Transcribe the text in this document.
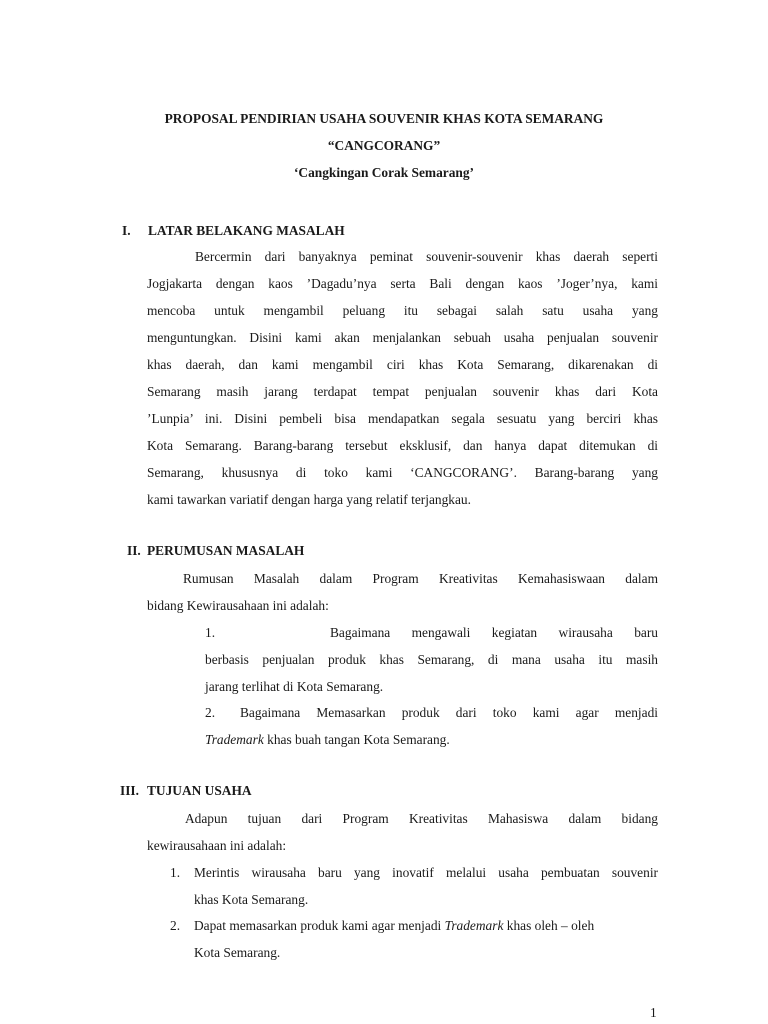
PROPOSAL PENDIRIAN USAHA SOUVENIR KHAS KOTA SEMARANG
“CANGCORANG”
‘Cangkingan Corak Semarang’
I. LATAR BELAKANG MASALAH
Bercermin dari banyaknya peminat souvenir-souvenir khas daerah seperti
Jogjakarta dengan kaos ’Dagadu’nya serta Bali dengan kaos ’Joger’nya, kami
mencoba untuk mengambil peluang itu sebagai salah satu usaha yang
menguntungkan. Disini kami akan menjalankan sebuah usaha penjualan souvenir
khas daerah, dan kami mengambil ciri khas Kota Semarang, dikarenakan di
Semarang masih jarang terdapat tempat penjualan souvenir khas dari Kota
’Lunpia’ ini. Disini pembeli bisa mendapatkan segala sesuatu yang berciri khas
Kota Semarang. Barang-barang tersebut eksklusif, dan hanya dapat ditemukan di
Semarang, khususnya di toko kami ‘CANGCORANG’. Barang-barang yang
kami tawarkan variatif dengan harga yang relatif terjangkau.
II. PERUMUSAN MASALAH
Rumusan Masalah dalam Program Kreativitas Kemahasiswaan dalam
bidang Kewirausahaan ini adalah:
1.	Bagaimana mengawali kegiatan wirausaha baru
berbasis penjualan produk khas Semarang, di mana usaha itu masih
jarang terlihat di Kota Semarang.
2. Bagaimana Memasarkan produk dari toko kami agar menjadi
Trademark khas buah tangan Kota Semarang.
III. TUJUAN USAHA
Adapun tujuan dari Program Kreativitas Mahasiswa dalam bidang
kewirausahaan ini adalah:
1. Merintis wirausaha baru yang inovatif melalui usaha pembuatan souvenir
khas Kota Semarang.
2. Dapat memasarkan produk kami agar menjadi Trademark khas oleh – oleh
Kota Semarang.
1
